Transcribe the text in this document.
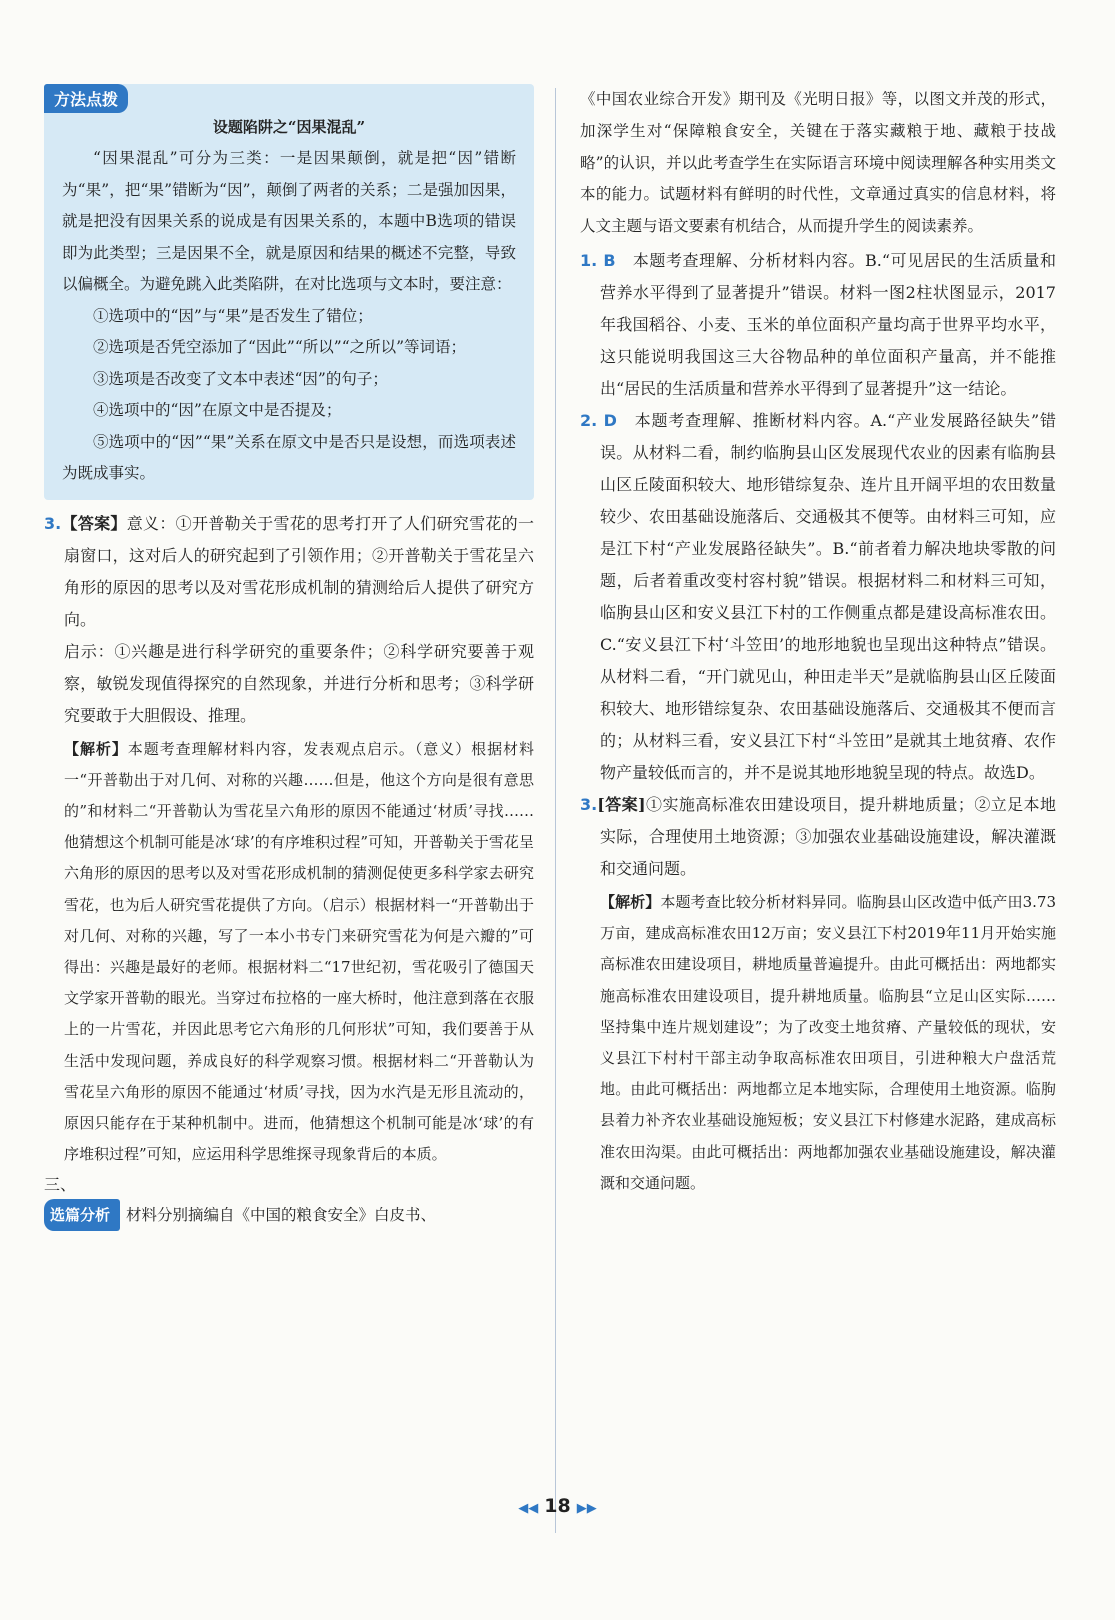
方法点拨
设题陷阱之“因果混乱”

“因果混乱”可分为三类：一是因果颠倒，就是把“因”错断为“果”，把“果”错断为“因”，颠倒了两者的关系；二是强加因果，就是把没有因果关系的说成是有因果关系的，本题中B选项的错误即为此类型；三是因果不全，就是原因和结果的概述不完整，导致以偏概全。为避免跳入此类陷阱，在对比选项与文本时，要注意：

①选项中的“因”与“果”是否发生了错位；

②选项是否凭空添加了“因此”“所以”“之所以”等词语；

③选项是否改变了文本中表述“因”的句子；

④选项中的“因”在原文中是否提及；

⑤选项中的“因”“果”关系在原文中是否只是设想，而选项表述为既成事实。

3.【答案】意义：①开普勒关于雪花的思考打开了人们研究雪花的一扇窗口，这对后人的研究起到了引领作用；②开普勒关于雪花呈六角形的原因的思考以及对雪花形成机制的猜测给后人提供了研究方向。

启示：①兴趣是进行科学研究的重要条件；②科学研究要善于观察，敏锐发现值得探究的自然现象，并进行分析和思考；③科学研究要敢于大胆假设、推理。

【解析】本题考查理解材料内容，发表观点启示。（意义）根据材料一“开普勒出于对几何、对称的兴趣……但是，他这个方向是很有意思的”和材料二“开普勒认为雪花呈六角形的原因不能通过‘材质’寻找……他猜想这个机制可能是冰‘球’的有序堆积过程”可知，开普勒关于雪花呈六角形的原因的思考以及对雪花形成机制的猜测促使更多科学家去研究雪花，也为后人研究雪花提供了方向。（启示）根据材料一“开普勒出于对几何、对称的兴趣，写了一本小书专门来研究雪花为何是六瓣的”可得出：兴趣是最好的老师。根据材料二“17世纪初，雪花吸引了德国天文学家开普勒的眼光。当穿过布拉格的一座大桥时，他注意到落在衣服上的一片雪花，并因此思考它六角形的几何形状”可知，我们要善于从生活中发现问题，养成良好的科学观察习惯。根据材料二“开普勒认为雪花呈六角形的原因不能通过‘材质’寻找，因为水汽是无形且流动的，原因只能存在于某种机制中。进而，他猜想这个机制可能是冰‘球’的有序堆积过程”可知，应运用科学思维探寻现象背后的本质。

三、

选篇分析 材料分别摘编自《中国的粮食安全》白皮书、

《中国农业综合开发》期刊及《光明日报》等，以图文并茂的形式，加深学生对“保障粮食安全，关键在于落实藏粮于地、藏粮于技战略”的认识，并以此考查学生在实际语言环境中阅读理解各种实用类文本的能力。试题材料有鲜明的时代性，文章通过真实的信息材料，将人文主题与语文要素有机结合，从而提升学生的阅读素养。

1. B　 本题考查理解、分析材料内容。B.“可见居民的生活质量和营养水平得到了显著提升”错误。材料一图2柱状图显示，2017年我国稻谷、小麦、玉米的单位面积产量均高于世界平均水平，这只能说明我国这三大谷物品种的单位面积产量高，并不能推出“居民的生活质量和营养水平得到了显著提升”这一结论。

2. D　 本题考查理解、推断材料内容。A.“产业发展路径缺失”错误。从材料二看，制约临朐县山区发展现代农业的因素有临朐县山区丘陵面积较大、地形错综复杂、连片且开阔平坦的农田数量较少、农田基础设施落后、交通极其不便等。由材料三可知，应是江下村“产业发展路径缺失”。B.“前者着力解决地块零散的问题，后者着重改变村容村貌”错误。根据材料二和材料三可知，临朐县山区和安义县江下村的工作侧重点都是建设高标准农田。C.“安义县江下村‘斗笠田’的地形地貌也呈现出这种特点”错误。从材料二看，“开门就见山，种田走半天”是就临朐县山区丘陵面积较大、地形错综复杂、农田基础设施落后、交通极其不便而言的；从材料三看，安义县江下村“斗笠田”是就其土地贫瘠、农作物产量较低而言的，并不是说其地形地貌呈现的特点。故选D。

3.[答案]①实施高标准农田建设项目，提升耕地质量；②立足本地实际，合理使用土地资源；③加强农业基础设施建设，解决灌溉和交通问题。

【解析】本题考查比较分析材料异同。临朐县山区改造中低产田3.73万亩，建成高标准农田12万亩；安义县江下村2019年11月开始实施高标准农田建设项目，耕地质量普遍提升。由此可概括出：两地都实施高标准农田建设项目，提升耕地质量。临朐县“立足山区实际……坚持集中连片规划建设”；为了改变土地贫瘠、产量较低的现状，安义县江下村村干部主动争取高标准农田项目，引进种粮大户盘活荒地。由此可概括出：两地都立足本地实际，合理使用土地资源。临朐县着力补齐农业基础设施短板；安义县江下村修建水泥路，建成高标准农田沟渠。由此可概括出：两地都加强农业基础设施建设，解决灌溉和交通问题。

◀◀ 18 ▶▶
